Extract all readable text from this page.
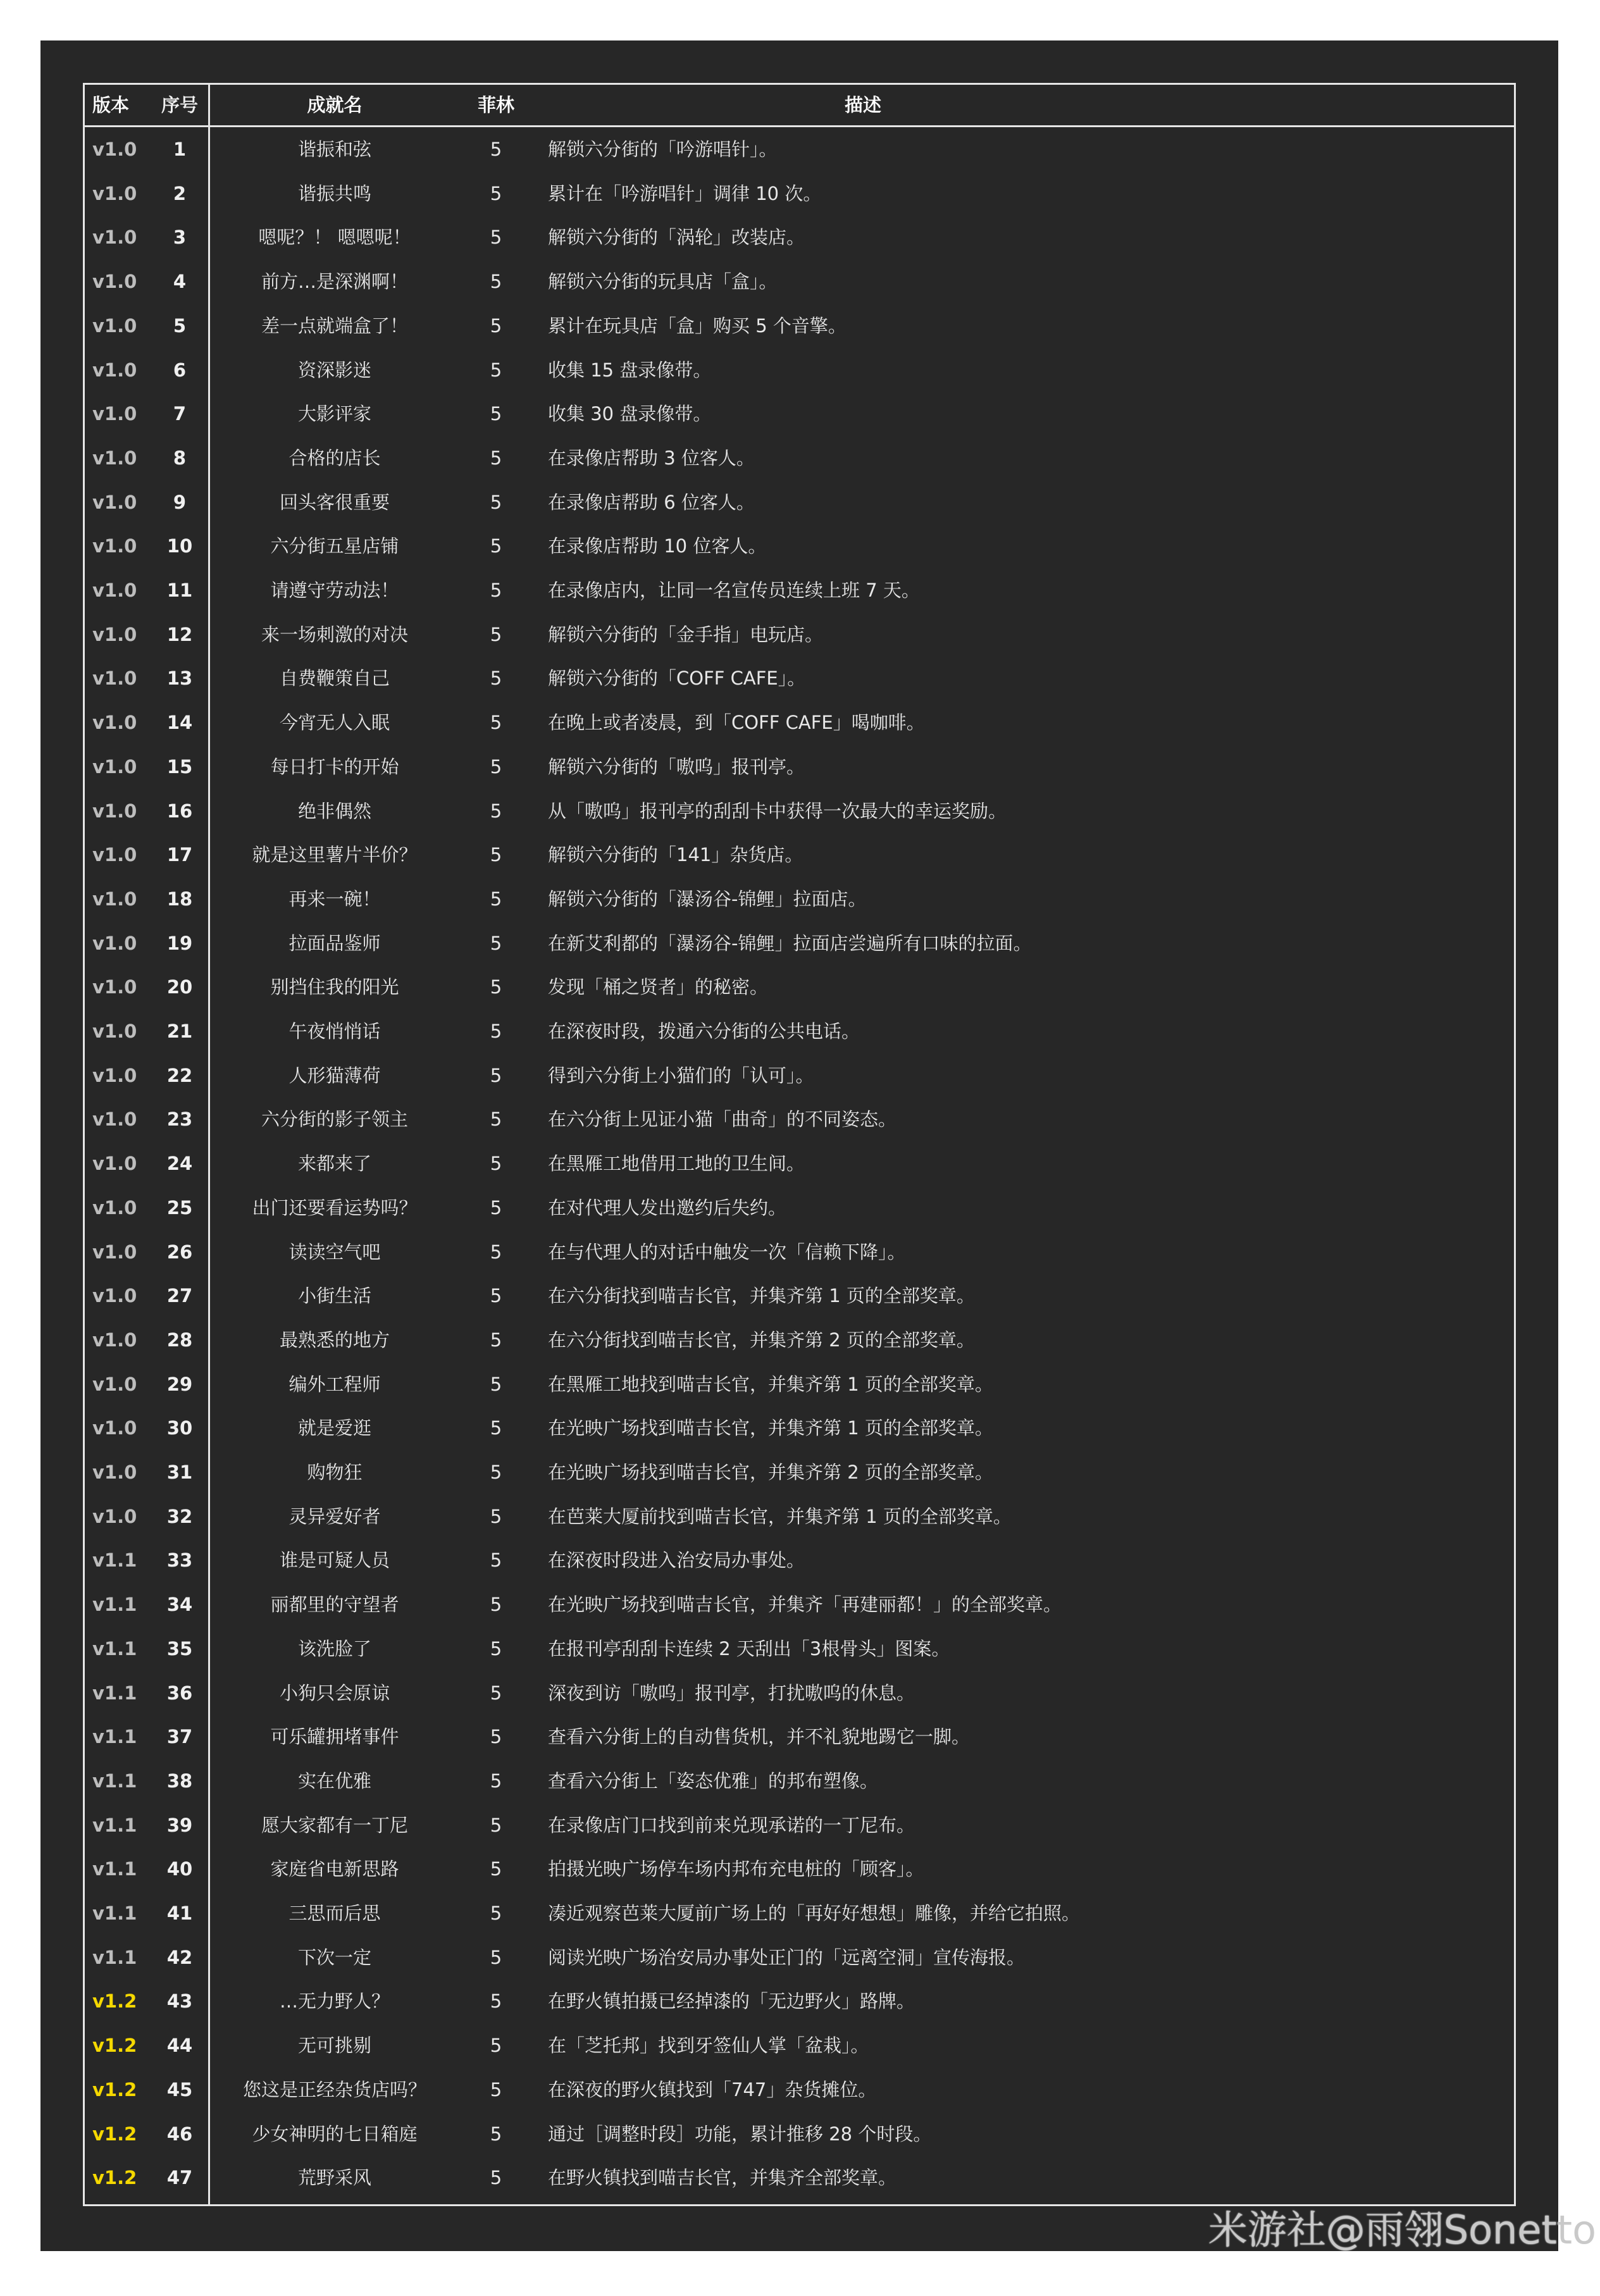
版本	序号	成就名	菲林	描述
v1.0	1	谐振和弦	5	解锁六分街的「吟游唱针」。
v1.0	2	谐振共鸣	5	累计在「吟游唱针」调律 10 次。
v1.0	3	嗯呢？！ 嗯嗯呢！	5	解锁六分街的「涡轮」改装店。
v1.0	4	前方…是深渊啊！	5	解锁六分街的玩具店「盒」。
v1.0	5	差一点就端盒了！	5	累计在玩具店「盒」购买 5 个音擎。
v1.0	6	资深影迷	5	收集 15 盘录像带。
v1.0	7	大影评家	5	收集 30 盘录像带。
v1.0	8	合格的店长	5	在录像店帮助 3 位客人。
v1.0	9	回头客很重要	5	在录像店帮助 6 位客人。
v1.0	10	六分街五星店铺	5	在录像店帮助 10 位客人。
v1.0	11	请遵守劳动法！	5	在录像店内，让同一名宣传员连续上班 7 天。
v1.0	12	来一场刺激的对决	5	解锁六分街的「金手指」电玩店。
v1.0	13	自费鞭策自己	5	解锁六分街的「COFF CAFE」。
v1.0	14	今宵无人入眠	5	在晚上或者凌晨，到「COFF CAFE」喝咖啡。
v1.0	15	每日打卡的开始	5	解锁六分街的「嗷呜」报刊亭。
v1.0	16	绝非偶然	5	从「嗷呜」报刊亭的刮刮卡中获得一次最大的幸运奖励。
v1.0	17	就是这里薯片半价？	5	解锁六分街的「141」杂货店。
v1.0	18	再来一碗！	5	解锁六分街的「瀑汤谷-锦鲤」拉面店。
v1.0	19	拉面品鉴师	5	在新艾利都的「瀑汤谷-锦鲤」拉面店尝遍所有口味的拉面。
v1.0	20	别挡住我的阳光	5	发现「桶之贤者」的秘密。
v1.0	21	午夜悄悄话	5	在深夜时段，拨通六分街的公共电话。
v1.0	22	人形猫薄荷	5	得到六分街上小猫们的「认可」。
v1.0	23	六分街的影子领主	5	在六分街上见证小猫「曲奇」的不同姿态。
v1.0	24	来都来了	5	在黑雁工地借用工地的卫生间。
v1.0	25	出门还要看运势吗？	5	在对代理人发出邀约后失约。
v1.0	26	读读空气吧	5	在与代理人的对话中触发一次「信赖下降」。
v1.0	27	小街生活	5	在六分街找到喵吉长官，并集齐第 1 页的全部奖章。
v1.0	28	最熟悉的地方	5	在六分街找到喵吉长官，并集齐第 2 页的全部奖章。
v1.0	29	编外工程师	5	在黑雁工地找到喵吉长官，并集齐第 1 页的全部奖章。
v1.0	30	就是爱逛	5	在光映广场找到喵吉长官，并集齐第 1 页的全部奖章。
v1.0	31	购物狂	5	在光映广场找到喵吉长官，并集齐第 2 页的全部奖章。
v1.0	32	灵异爱好者	5	在芭莱大厦前找到喵吉长官，并集齐第 1 页的全部奖章。
v1.1	33	谁是可疑人员	5	在深夜时段进入治安局办事处。
v1.1	34	丽都里的守望者	5	在光映广场找到喵吉长官，并集齐「再建丽都！」的全部奖章。
v1.1	35	该洗脸了	5	在报刊亭刮刮卡连续 2 天刮出「3根骨头」图案。
v1.1	36	小狗只会原谅	5	深夜到访「嗷呜」报刊亭，打扰嗷呜的休息。
v1.1	37	可乐罐拥堵事件	5	查看六分街上的自动售货机，并不礼貌地踢它一脚。
v1.1	38	实在优雅	5	查看六分街上「姿态优雅」的邦布塑像。
v1.1	39	愿大家都有一丁尼	5	在录像店门口找到前来兑现承诺的一丁尼布。
v1.1	40	家庭省电新思路	5	拍摄光映广场停车场内邦布充电桩的「顾客」。
v1.1	41	三思而后思	5	凑近观察芭莱大厦前广场上的「再好好想想」雕像，并给它拍照。
v1.1	42	下次一定	5	阅读光映广场治安局办事处正门的「远离空洞」宣传海报。
v1.2	43	…无力野人？	5	在野火镇拍摄已经掉漆的「无边野火」路牌。
v1.2	44	无可挑剔	5	在「芝托邦」找到牙签仙人掌「盆栽」。
v1.2	45	您这是正经杂货店吗？	5	在深夜的野火镇找到「747」杂货摊位。
v1.2	46	少女神明的七日箱庭	5	通过［调整时段］功能，累计推移 28 个时段。
v1.2	47	荒野采风	5	在野火镇找到喵吉长官，并集齐全部奖章。
米游社@雨翎Sonetto
